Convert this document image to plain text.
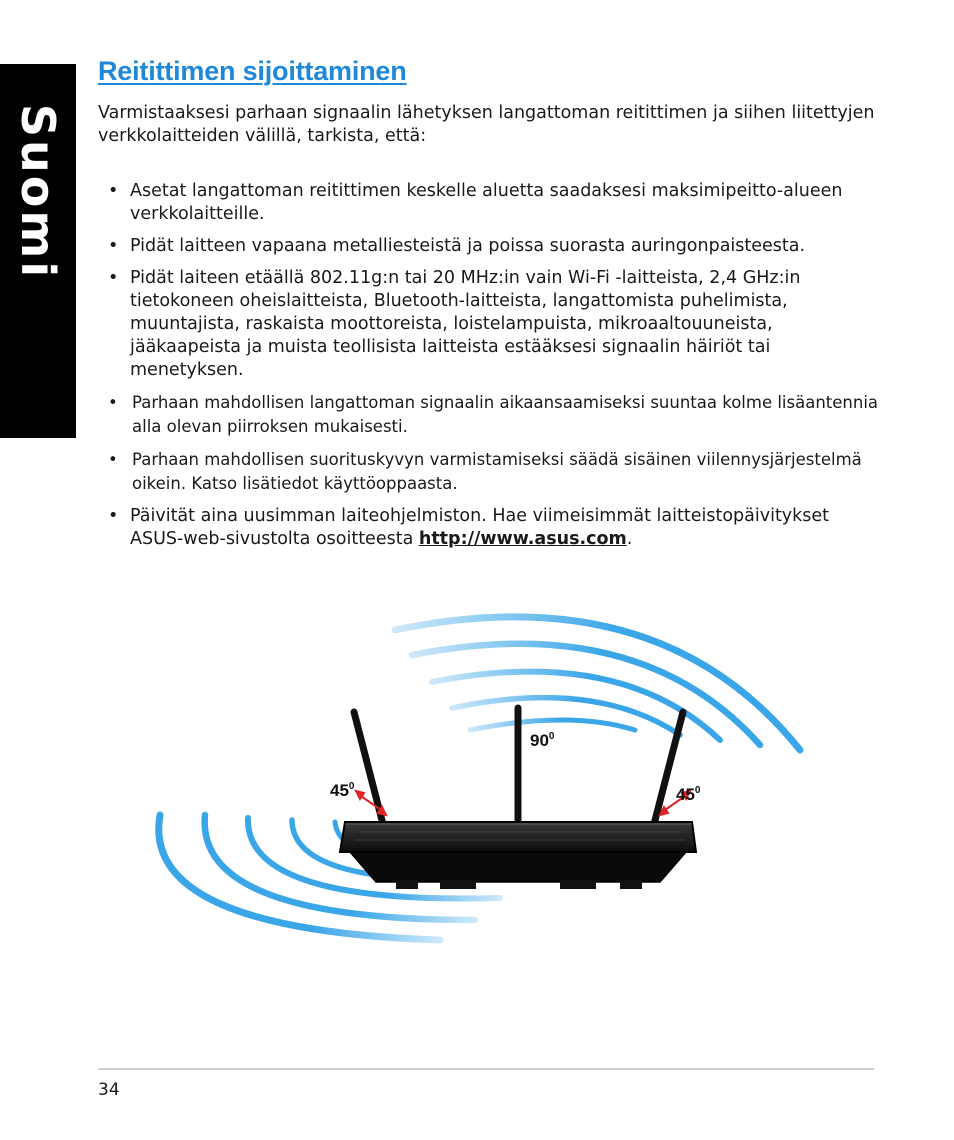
Suomi
Reitittimen sijoittaminen

Varmistaaksesi parhaan signaalin lähetyksen langattoman reitittimen ja siihen liitettyjen verkkolaitteiden välillä, tarkista, että:

• Asetat langattoman reitittimen keskelle aluetta saadaksesi maksimipeitto-alueen verkkolaitteille.
• Pidät laitteen vapaana metalliesteistä ja poissa suorasta auringonpaisteesta.
• Pidät laiteen etäällä 802.11g:n tai 20 MHz:in vain Wi-Fi -laitteista, 2,4 GHz:in tietokoneen oheislaitteista, Bluetooth-laitteista, langattomista puhelimista, muuntajista, raskaista moottoreista, loistelampuista, mikroaaltouuneista, jääkaapeista ja muista teollisista laitteista estääksesi signaalin häiriöt tai menetyksen.
• Parhaan mahdollisen langattoman signaalin aikaansaamiseksi suuntaa kolme lisäantennia alla olevan piirroksen mukaisesti.
• Parhaan mahdollisen suorituskyvyn varmistamiseksi säädä sisäinen viilennysjärjestelmä oikein. Katso lisätiedot käyttöoppaasta.
• Päivität aina uusimman laiteohjelmiston. Hae viimeisimmät laitteistopäivitykset ASUS-web-sivustolta osoitteesta http://www.asus.com.
$45^0$
$90^0$
$45^0$
34
